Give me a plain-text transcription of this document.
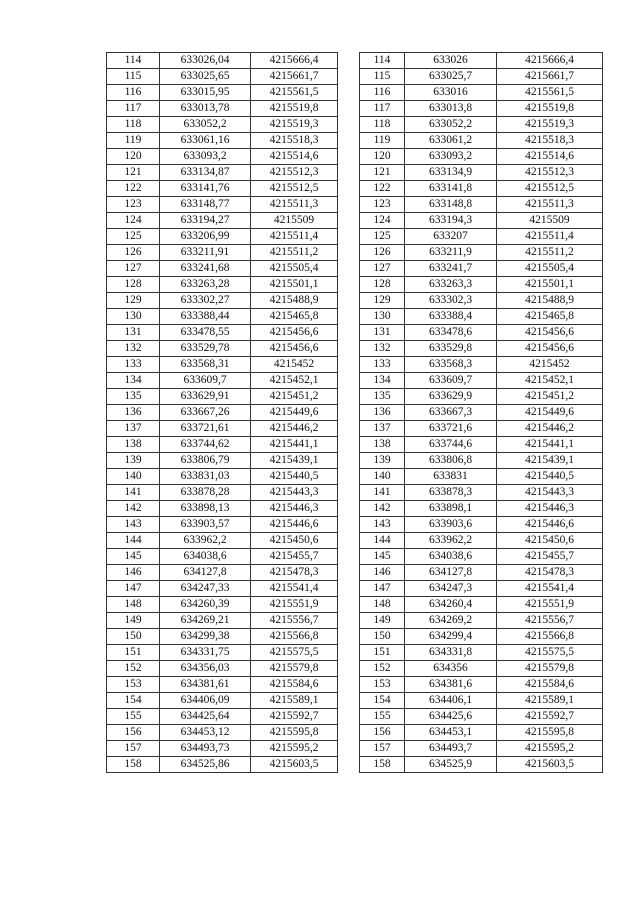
114	633026,04	4215666,4		114	633026	4215666,4
115	633025,65	4215661,7		115	633025,7	4215661,7
116	633015,95	4215561,5		116	633016	4215561,5
117	633013,78	4215519,8		117	633013,8	4215519,8
118	633052,2	4215519,3		118	633052,2	4215519,3
119	633061,16	4215518,3		119	633061,2	4215518,3
120	633093,2	4215514,6		120	633093,2	4215514,6
121	633134,87	4215512,3		121	633134,9	4215512,3
122	633141,76	4215512,5		122	633141,8	4215512,5
123	633148,77	4215511,3		123	633148,8	4215511,3
124	633194,27	4215509		124	633194,3	4215509
125	633206,99	4215511,4		125	633207	4215511,4
126	633211,91	4215511,2		126	633211,9	4215511,2
127	633241,68	4215505,4		127	633241,7	4215505,4
128	633263,28	4215501,1		128	633263,3	4215501,1
129	633302,27	4215488,9		129	633302,3	4215488,9
130	633388,44	4215465,8		130	633388,4	4215465,8
131	633478,55	4215456,6		131	633478,6	4215456,6
132	633529,78	4215456,6		132	633529,8	4215456,6
133	633568,31	4215452		133	633568,3	4215452
134	633609,7	4215452,1		134	633609,7	4215452,1
135	633629,91	4215451,2		135	633629,9	4215451,2
136	633667,26	4215449,6		136	633667,3	4215449,6
137	633721,61	4215446,2		137	633721,6	4215446,2
138	633744,62	4215441,1		138	633744,6	4215441,1
139	633806,79	4215439,1		139	633806,8	4215439,1
140	633831,03	4215440,5		140	633831	4215440,5
141	633878,28	4215443,3		141	633878,3	4215443,3
142	633898,13	4215446,3		142	633898,1	4215446,3
143	633903,57	4215446,6		143	633903,6	4215446,6
144	633962,2	4215450,6		144	633962,2	4215450,6
145	634038,6	4215455,7		145	634038,6	4215455,7
146	634127,8	4215478,3		146	634127,8	4215478,3
147	634247,33	4215541,4		147	634247,3	4215541,4
148	634260,39	4215551,9		148	634260,4	4215551,9
149	634269,21	4215556,7		149	634269,2	4215556,7
150	634299,38	4215566,8		150	634299,4	4215566,8
151	634331,75	4215575,5		151	634331,8	4215575,5
152	634356,03	4215579,8		152	634356	4215579,8
153	634381,61	4215584,6		153	634381,6	4215584,6
154	634406,09	4215589,1		154	634406,1	4215589,1
155	634425,64	4215592,7		155	634425,6	4215592,7
156	634453,12	4215595,8		156	634453,1	4215595,8
157	634493,73	4215595,2		157	634493,7	4215595,2
158	634525,86	4215603,5		158	634525,9	4215603,5
